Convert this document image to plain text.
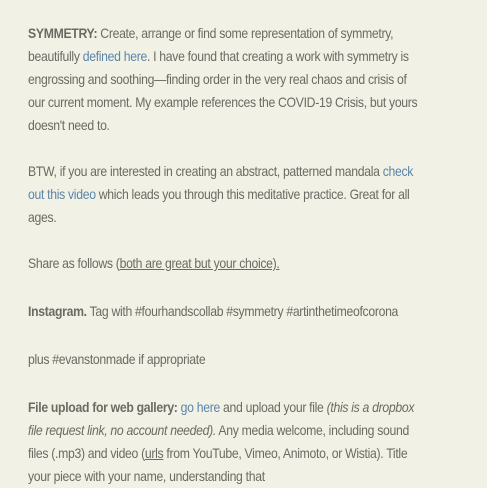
SYMMETRY: Create, arrange or find some representation of symmetry, beautifully defined here. I have found that creating a work with symmetry is engrossing and soothing—finding order in the very real chaos and crisis of our current moment. My example references the COVID-19 Crisis, but yours doesn't need to.

BTW, if you are interested in creating an abstract, patterned mandala check out this video which leads you through this meditative practice. Great for all ages.

Share as follows (both are great but your choice).

Instagram. Tag with #fourhandscollab #symmetry #artinthetimeofcorona

plus #evanstonmade if appropriate

File upload for web gallery: go here and upload your file (this is a dropbox file request link, no account needed). Any media welcome, including sound files (.mp3) and video (urls from YouTube, Vimeo, Animoto, or Wistia). Title your piece with your name, understanding that
